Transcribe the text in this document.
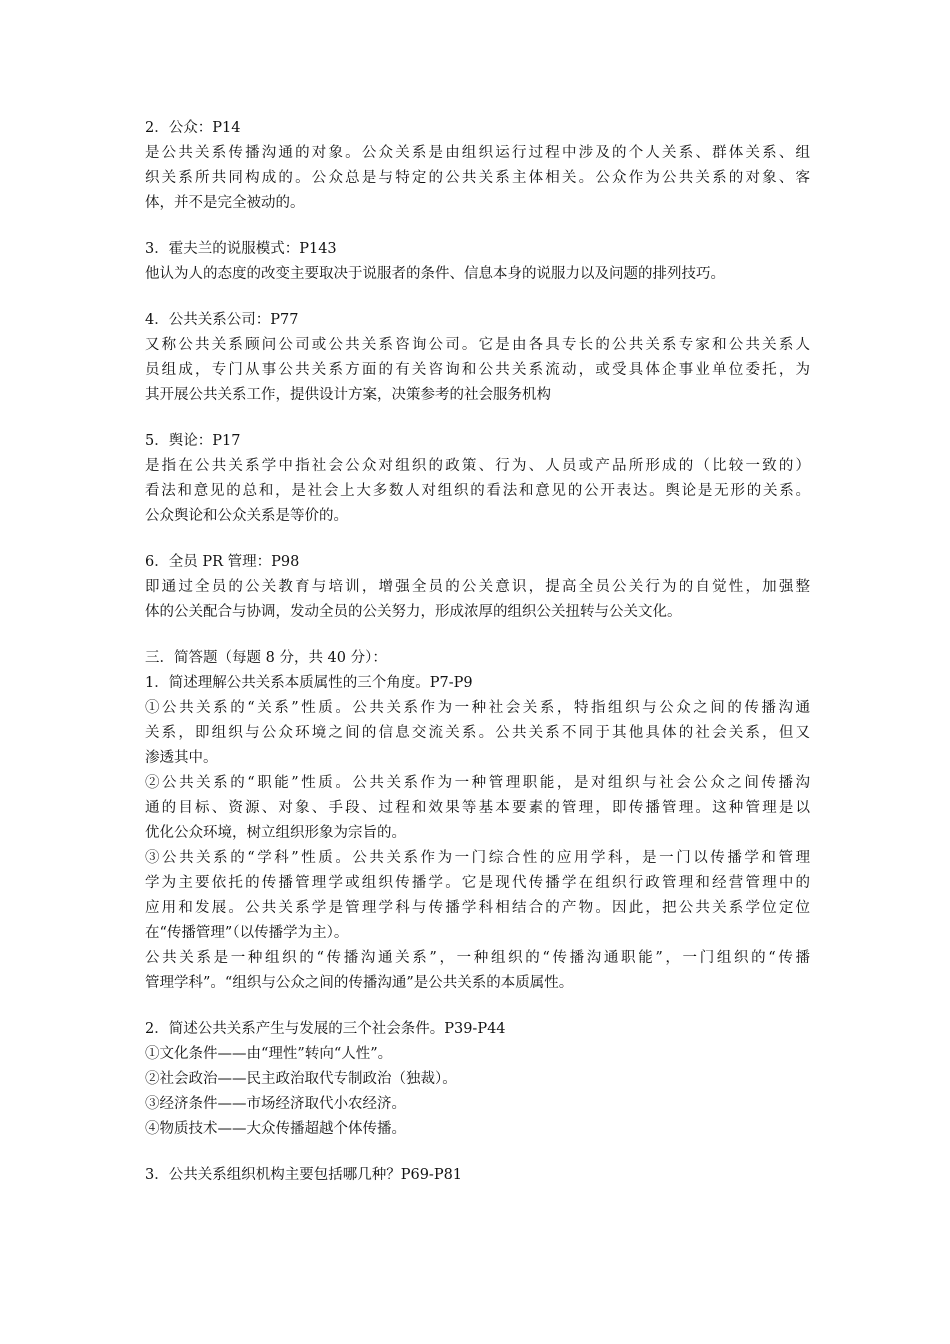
2．公众：P14
是公共关系传播沟通的对象。公众关系是由组织运行过程中涉及的个人关系、群体关系、组
织关系所共同构成的。公众总是与特定的公共关系主体相关。公众作为公共关系的对象、客
体，并不是完全被动的。
3．霍夫兰的说服模式：P143
他认为人的态度的改变主要取决于说服者的条件、信息本身的说服力以及问题的排列技巧。
4．公共关系公司：P77
又称公共关系顾问公司或公共关系咨询公司。它是由各具专长的公共关系专家和公共关系人
员组成，专门从事公共关系方面的有关咨询和公共关系流动，或受具体企事业单位委托，为
其开展公共关系工作，提供设计方案，决策参考的社会服务机构
5．舆论：P17
是指在公共关系学中指社会公众对组织的政策、行为、人员或产品所形成的（比较一致的）
看法和意见的总和，是社会上大多数人对组织的看法和意见的公开表达。舆论是无形的关系。
公众舆论和公众关系是等价的。
6．全员 PR 管理：P98
即通过全员的公关教育与培训，增强全员的公关意识，提高全员公关行为的自觉性，加强整
体的公关配合与协调，发动全员的公关努力，形成浓厚的组织公关扭转与公关文化。
三．简答题（每题 8 分，共 40 分）：
1．简述理解公共关系本质属性的三个角度。P7-P9
①公共关系的“关系”性质。公共关系作为一种社会关系，特指组织与公众之间的传播沟通
关系，即组织与公众环境之间的信息交流关系。公共关系不同于其他具体的社会关系，但又
渗透其中。
②公共关系的“职能”性质。公共关系作为一种管理职能，是对组织与社会公众之间传播沟
通的目标、资源、对象、手段、过程和效果等基本要素的管理，即传播管理。这种管理是以
优化公众环境，树立组织形象为宗旨的。
③公共关系的“学科”性质。公共关系作为一门综合性的应用学科，是一门以传播学和管理
学为主要依托的传播管理学或组织传播学。它是现代传播学在组织行政管理和经营管理中的
应用和发展。公共关系学是管理学科与传播学科相结合的产物。因此，把公共关系学位定位
在“传播管理”（以传播学为主）。
公共关系是一种组织的“传播沟通关系”，一种组织的“传播沟通职能”，一门组织的“传播
管理学科”。“组织与公众之间的传播沟通”是公共关系的本质属性。
2．简述公共关系产生与发展的三个社会条件。P39-P44
①文化条件——由“理性”转向“人性”。
②社会政治——民主政治取代专制政治（独裁）。
③经济条件——市场经济取代小农经济。
④物质技术——大众传播超越个体传播。
3．公共关系组织机构主要包括哪几种？P69-P81
